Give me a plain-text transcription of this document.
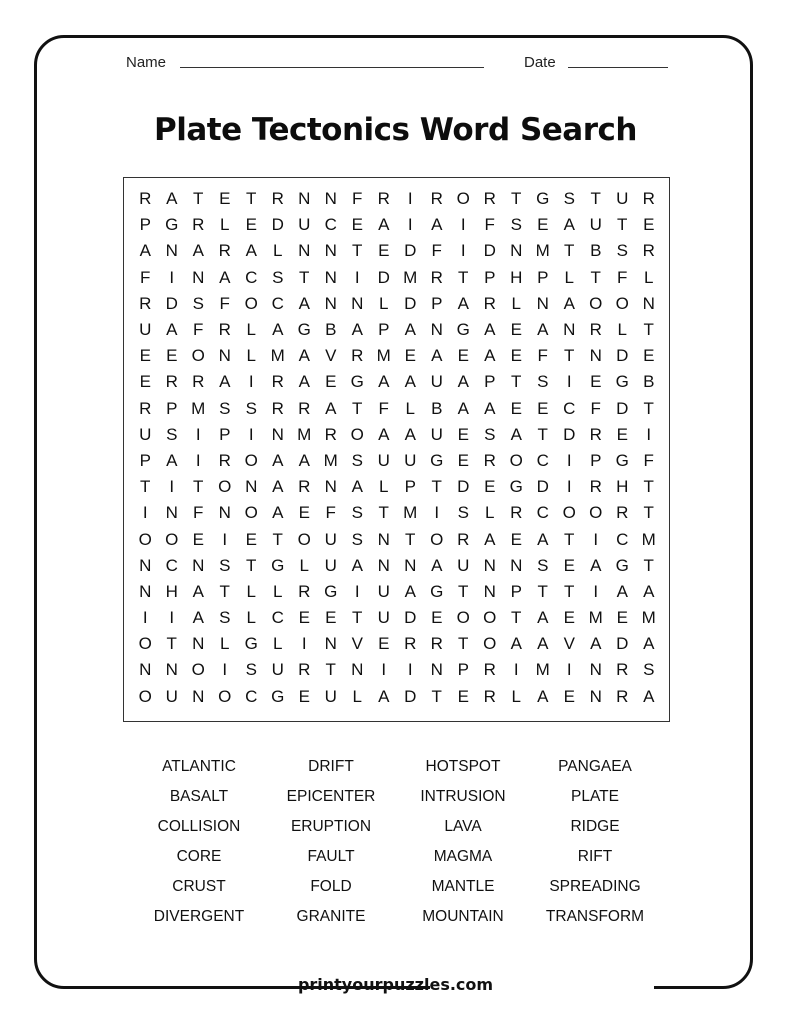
Name	Date
Plate Tectonics Word Search
R A T E T R N N F R	I	R O R T G S T U R
P G R L E D U C E A	I	A	I	F S E A U T E
A N A R A L N N T E D F	I	D N M T B S R
F	I	N A C S T N	I	D M R T P H P L T F L
R D S F O C A N N L D P A R L N A O O N
U A F R L A G B A P A N G A E A N R L T
E E O N L M A V R M E A E A E F T N D E
E R R A	I	R A E G A A U A P T S	I	E G B
R P M S S R R A T F L B A A E E C F D T
U S	I	P	I	N M R O A A U E S A T D R E	I
P A	I	R O A A M S U U G E R O C	I	P G F
T	I	T O N A R N A L P T D E G D	I	R H T
I	N F N O A E F S T M	I	S L R C O O R T
O O E	I	E T O U S N T O R A E A T	I	C M
N C N S T G L U A N N A U N N S E A G T
N H A T L	L R G	I	U A G T N P T T	I	A A
I	I	A S L C E E T U D E O O T A E M E M
O T N L G L	I	N V E R R T O A A V A D A
N N O	I	S U R T N	I	I	N P R	I	M	I	N R S
O U N O C G E U L A D T E R L A E N R A
ATLANTIC	DRIFT	HOTSPOT	PANGAEA
BASALT	EPICENTER	INTRUSION	PLATE
COLLISION	ERUPTION	LAVA	RIDGE
CORE	FAULT	MAGMA	RIFT
CRUST	FOLD	MANTLE	SPREADING
DIVERGENT	GRANITE	MOUNTAIN	TRANSFORM
printyourpuzzles.com
